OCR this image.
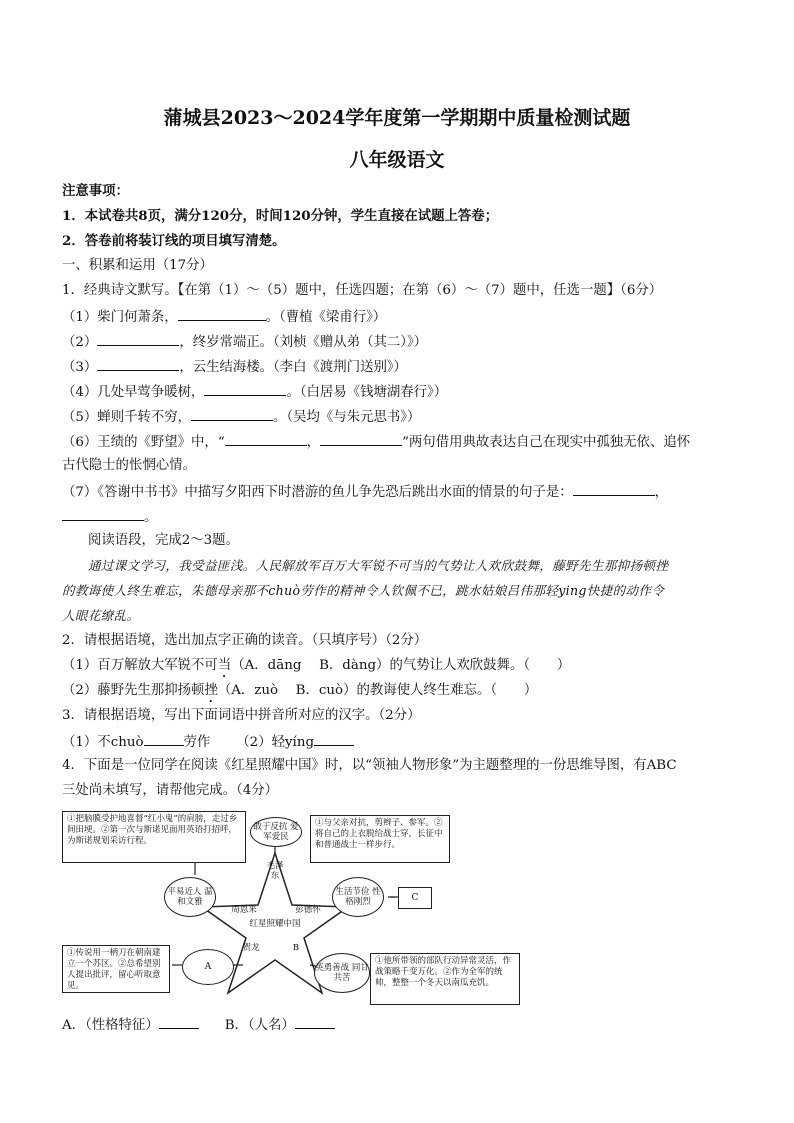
蒲城县2023～2024学年度第一学期期中质量检测试题
八年级语文
注意事项：
1．本试卷共8页，满分120分，时间120分钟，学生直接在试题上答卷；
2．答卷前将装订线的项目填写清楚。
一、积累和运用（17分）
1．经典诗文默写。【在第（1）～（5）题中，任选四题；在第（6）～（7）题中，任选一题】（6分）
（1）柴门何萧条，	。（曹植《梁甫行》）
（2）	，终岁常端正。（刘桢《赠从弟（其二）》）
（3）	，云生结海楼。（李白《渡荆门送别》）
（4）几处早莺争暖树，	。（白居易《钱塘湖春行》）
（5）蝉则千转不穷，	。（吴均《与朱元思书》）
（6）王绩的《野望》中，“	，	”两句借用典故表达自己在现实中孤独无依、追怀
古代隐士的怅惘心情。
（7）《答谢中书书》中描写夕阳西下时潜游的鱼儿争先恐后跳出水面的情景的句子是：	，
。
阅读语段，完成2～3题。
通过课文学习，我受益匪浅。人民解放军百万大军锐不可当的气势让人欢欣鼓舞，藤野先生那抑扬顿挫
的教诲使人终生难忘，朱德母亲那不chuò劳作的精神令人钦佩不已，跳水姑娘吕伟那轻ying快捷的动作令
人眼花缭乱。
2．请根据语境，选出加点字正确的读音。（只填序号）（2分）
（1）百万解放大军锐不可当（A．dāng　 B．dàng）的气势让人欢欣鼓舞。（　　）
（2）藤野先生那抑扬顿挫（A．zuò　 B．cuò）的教诲使人终生难忘。（　　）
3．请根据语境，写出下面词语中拼音所对应的汉字。（2分）
（1）不chuò	劳作 （2）轻yíng
4．下面是一位同学在阅读《红星照耀中国》时，以“领袖人物形象”为主题整理的一份思维导图，有ABC
三处尚未填写，请帮他完成。（4分）
①把脑膜受护地喜督“红小鬼”的肩膀，走过乡间田埂。②第一次与斯诺见面用英语打招呼，为斯诺规划采访行程。
①与父亲对抗，剪辫子、参军。②将自己的上衣脱给战士穿，长征中和普通战士一样步行。
敢于反抗 爱军爱民
平易近人 温和文雅
生活节俭 性格刚烈	C
A	英勇善战 同甘共苦
①传说用一柄刀在朝南建立一个苏区。②总希望别人提出批评，留心听取意见。
①他所带领的部队行动异常灵活，作战策略千变万化。②作为全军的统帅，整整一个冬天以南瓜充饥。
毛泽东
周恩来	彭德怀
红星照耀中国
贺龙	B
A．（性格特征）	B．（人名）
